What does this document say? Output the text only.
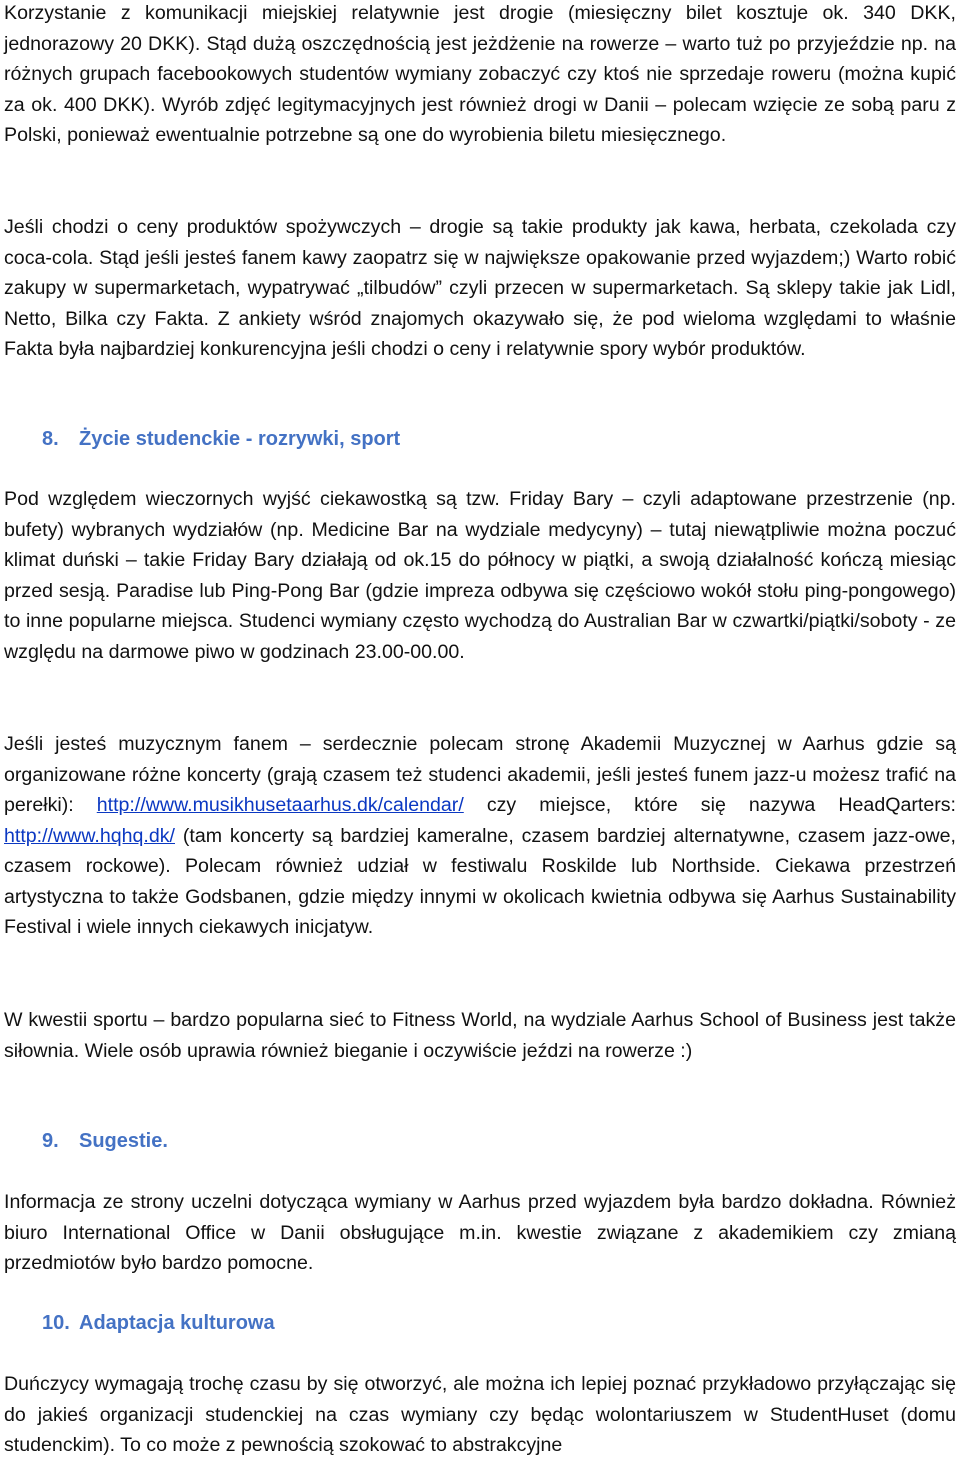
Korzystanie z komunikacji miejskiej relatywnie jest drogie (miesięczny bilet kosztuje ok. 340 DKK, jednorazowy 20 DKK). Stąd dużą oszczędnością jest jeżdżenie na rowerze – warto tuż po przyjeździe np. na różnych grupach facebookowych studentów wymiany zobaczyć czy ktoś nie sprzedaje roweru (można kupić za ok. 400 DKK). Wyrób zdjęć legitymacyjnych jest również drogi w Danii – polecam wzięcie ze sobą paru z Polski, ponieważ ewentualnie potrzebne są one do wyrobienia biletu miesięcznego.

Jeśli chodzi o ceny produktów spożywczych – drogie są takie produkty jak kawa, herbata, czekolada czy coca-cola. Stąd jeśli jesteś fanem kawy zaopatrz się w największe opakowanie przed wyjazdem;) Warto robić zakupy w supermarketach, wypatrywać „tilbudów” czyli przecen w supermarketach. Są sklepy takie jak Lidl, Netto, Bilka czy Fakta. Z ankiety wśród znajomych okazywało się, że pod wieloma względami to właśnie Fakta była najbardziej konkurencyjna jeśli chodzi o ceny i relatywnie spory wybór produktów.

8. Życie studenckie - rozrywki, sport

Pod względem wieczornych wyjść ciekawostką są tzw. Friday Bary – czyli adaptowane przestrzenie (np. bufety) wybranych wydziałów (np. Medicine Bar na wydziale medycyny) – tutaj niewątpliwie można poczuć klimat duński – takie Friday Bary działają od ok.15 do północy w piątki, a swoją działalność kończą miesiąc przed sesją. Paradise lub Ping-Pong Bar (gdzie impreza odbywa się częściowo wokół stołu ping-pongowego) to inne popularne miejsca. Studenci wymiany często wychodzą do Australian Bar w czwartki/piątki/soboty - ze względu na darmowe piwo w godzinach 23.00-00.00.

Jeśli jesteś muzycznym fanem – serdecznie polecam stronę Akademii Muzycznej w Aarhus gdzie są organizowane różne koncerty (grają czasem też studenci akademii, jeśli jesteś funem jazz-u możesz trafić na perełki): http://www.musikhusetaarhus.dk/calendar/ czy miejsce, które się nazywa HeadQarters: http://www.hqhq.dk/ (tam koncerty są bardziej kameralne, czasem bardziej alternatywne, czasem jazz-owe, czasem rockowe). Polecam również udział w festiwalu Roskilde lub Northside. Ciekawa przestrzeń artystyczna to także Godsbanen, gdzie między innymi w okolicach kwietnia odbywa się Aarhus Sustainability Festival i wiele innych ciekawych inicjatyw.

W kwestii sportu – bardzo popularna sieć to Fitness World, na wydziale Aarhus School of Business jest także siłownia. Wiele osób uprawia również bieganie i oczywiście jeździ na rowerze :)

9. Sugestie.

Informacja ze strony uczelni dotycząca wymiany w Aarhus przed wyjazdem była bardzo dokładna. Również biuro International Office w Danii obsługujące m.in. kwestie związane z akademikiem czy zmianą przedmiotów było bardzo pomocne.

10. Adaptacja kulturowa

Duńczycy wymagają trochę czasu by się otworzyć, ale można ich lepiej poznać przykładowo przyłączając się do jakieś organizacji studenckiej na czas wymiany czy będąc wolontariuszem w StudentHuset (domu studenckim). To co może z pewnością szokować to abstrakcyjne
